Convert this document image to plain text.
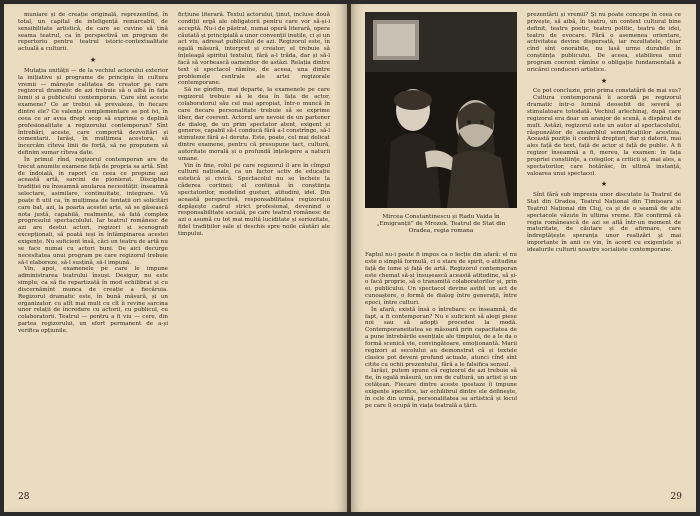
muniare și de creație originală, reprezentînd, în total, un capital de inteligență remarcabil, de sensibilitate artistică, de care se cuvine să țină seama teatrul, ca în perspectivă un program de repertoriu pentru teatrul istoric-contextualitate actuală a culturii.

★

Mutația unității — de la vechiul actorului exterior la inițiative și programe de principiu în cultura vremii — mărește calitatea de creator pe care regizorul dramatic de azi trebuie să o aibă în fața lumii și a publicului contemporan. Care sînt aceste examene? Ce ar trebui să prevaleze, în fiecare dintre ele? Ce valențe complementare se pot ivi, în ceea ce ar avea drept scop să exprime o deplină profesionalitate a regizorului contemporan? Sînt întrebări, aceste, care comportă dezvoltări și comentarii. Iarăși, în mulțimea acestora, să încercăm cîteva linii de forță, să ne propunem să definim sumar cîteva date.

În primul rînd, regizorul contemporan are de trecut anumite examene față de propria sa artă. Sînt de îndoială, în raport cu ceea ce propune azi această artă, sarcini de pionierat. Disciplina tradiției nu înseamnă anularea necesității: înseamnă selectare, asimilare, continuitate, integrare. Vă poate fi util ca, în mulțimea de tentații ori solicitări care bat, azi, la poarta acestei arte, să se găsească nota justă, capabilă, realmente, să fată complex progresului spectacolului. Iar teatrul românesc de azi are destui actori, regizori și scenografi excepționali, să poată ieși în întâmpinarea acestei exigențe. Nu suficient însă, căci un teatru de artă nu se face numai cu actori buni. De aici decurge necesitatea unui program pe care regizorul trebuie să-l elaboreze, să-l susțină, să-l impună.

Vin, apoi, examenele pe care le impune administrarea teatrului însuși. Desigur, nu este simplu; ca să fie repartizată în mod echilibrat și cu discernămînt munca de creație a fiecăruia. Regizorul dramatic este, în bună măsură, și un organizator, cu atît mai mult cu cît îi revine sarcina unor relații de încredere cu actorii, cu publicul, cu colaboratorii. Teatrul — pentru a fi viu — cere, din partea regizorului, un efort permanent de a-și verifica opțiunile.

ficțiune literară. Textul actorului, ținut, incluse două condiții ergă ale obligatorii pentru care vor să-și-i acceptă. Nu-i de păstrat, numai operă literară, opera căutată și principială a unor convenții inutile, ci și un act viu, adresat publicului de azi. Regizorul este, în egală măsură, interpret și creator; el trebuie să înțeleagă spiritul textului, fără a-l trăda, dar și să-l facă să vorbească oamenilor de astăzi. Relația dintre text și spectacol rămîne, de aceea, una dintre problemele centrale ale artei regizorale contemporane.

Să ne gîndim, mai departe, la examenele pe care regizorul trebuie să le dea în fața de actor, colaboratorul său cel mai apropiat, într-o muncă în care fiecare personalitate trebuie să se exprime liber, dar coerent. Actorul are nevoie de un partener de dialog, de un prim spectator atent, exigent și generos, capabil să-l conducă fără a-l constrînge, să-l stimuleze fără a-l deruta. Este, poate, cel mai delicat dintre examene, pentru că presupune tact, cultură, autoritate morală și o profundă înțelegere a naturii umane.

Vin în fine, rolul pe care regizorul îl are în cîmpul culturii naționale, ca un factor activ de educație estetică și civică. Spectacolul nu se încheie la căderea cortinei; el continuă în conștiința spectatorilor, modelînd gusturi, atitudini, idei. Din această perspectivă, responsabilitatea regizorului depășește cadrul strict profesional, devenind o responsabilitate socială, pe care teatrul românesc de azi o asumă cu tot mai multă luciditate și seriozitate, fidel tradițiilor sale și deschis spre noile căutări ale timpului.

28
Mircea Constantinescu și Radu Vaida în „Emigranții” de Mrozek. Teatrul de Stat din Oradea, regia romana

Faptul nu-i poate fi impus ca o lecție din afară: el nu este o simplă formulă, ci o stare de spirit, o atitudine față de lume și față de artă. Regizorul contemporan este chemat să-și însușească această atitudine, să și-o facă proprie, să o transmită colaboratorilor și, prin ei, publicului. Un spectacol devine astfel un act de cunoaștere, o formă de dialog între generații, între epoci, între culturi.

În afară, există însă o întrebare: ce înseamnă, de fapt, a fi contemporan? Nu e suficient să alegi piese noi sau să adopți procedee la modă. Contemporaneitatea se măsoară prin capacitatea de a pune întrebările esențiale ale timpului, de a le da o formă scenică vie, convingătoare, emoționantă. Marii regizori ai secolului au demonstrat că și textele clasice pot deveni profund actuale, atunci cînd sînt citite cu ochii prezentului, fără a le falsifica sensul.

Iarăși, putem spune că regizorul de azi trebuie să fie, în egală măsură, un om de cultură, un artist și un cetățean. Fiecare dintre aceste ipostaze îi impune exigențe specifice, iar echilibrul dintre ele definește, în cele din urmă, personalitatea sa artistică și locul pe care îl ocupă în viața teatrală a țării.

prezentării și vremii? Și nu poate concepe în ceea ce privește, să aibă, în teatru, un context cultural bine definit, teatru poetic, teatru politic, teatru de idei, teatru de evocare. Fără o asemenea orientare, activitatea devine dispersată, iar rezultatele, chiar cînd sînt onorabile, nu lasă urme durabile în conștiința publicului. De aceea, stabilirea unui program coerent rămîne o obligație fundamentală a oricărei conduceri artistice.

★

Ce pot concluzie, prin prima constatării de mai sus?

Cultura contemporană îi acordă pe regizorul dramatic într-o lumină deosebit de severă și stimulatoare totodată. Vechiul arlechinaj, după care regizorul era doar un aranjor de scenă, a dispărut de mult. Astăzi, regizorul este un autor al spectacolului, răspunzător de ansamblul semnificațiilor acestuia. Această poziție îi conferă drepturi, dar și datorii, mai ales față de text, față de actor și față de public. A fi regizor înseamnă a fi, mereu, la examen: în fața propriei conștiințe, a colegilor, a criticii și, mai ales, a spectatorilor, care hotărăsc, în ultimă instanță, valoarea unui spectacol.

★

Sînt fără sub impresia unor discutate la Teatrul de Stat din Oradea, Teatrul Național din Timișoara și Teatrul Național din Cluj, ca și de o seamă de alte spectacole văzute în ultima vreme. Ele confirmă că regia românească de azi se află într-un moment de maturitate, de căutare și de afirmare, care îndreptățește speranța unor realizări și mai importante în anii ce vin, în acord cu exigențele și idealurile culturii noastre socialiste contemporane.

29
